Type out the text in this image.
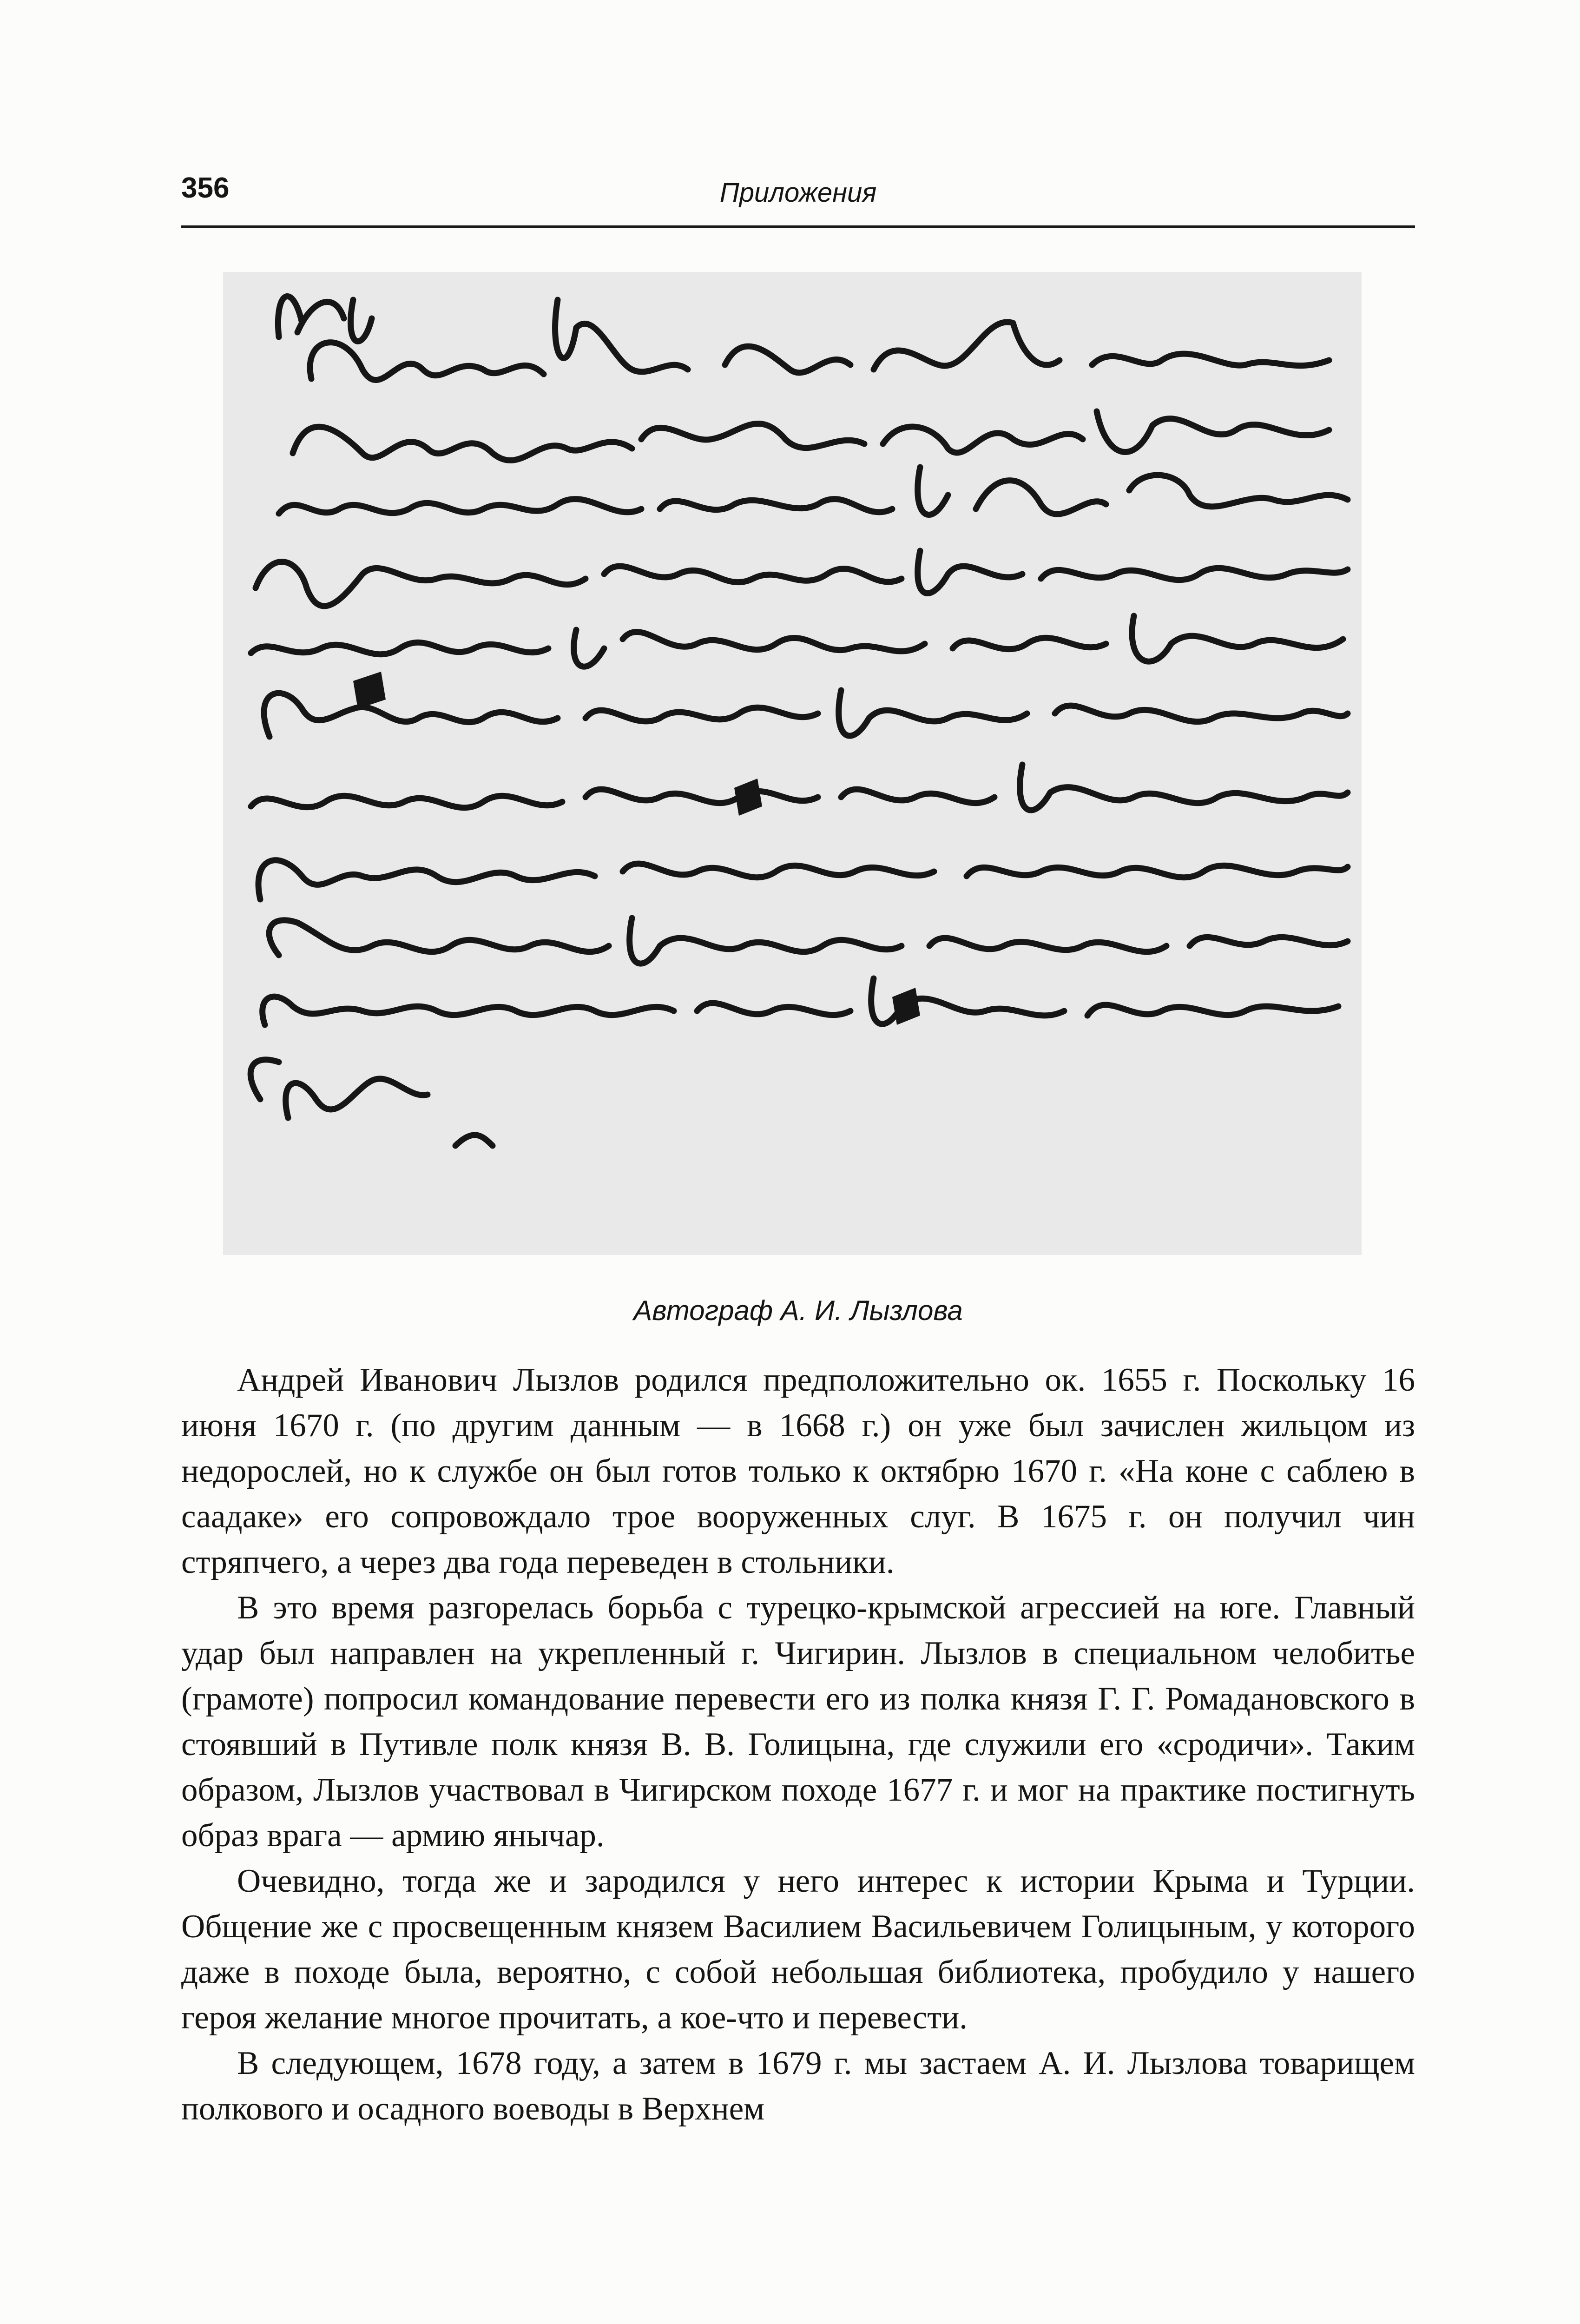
356	Приложения
Автограф А. И. Лызлова

Андрей Иванович Лызлов родился предположительно ок. 1655 г. Поскольку 16 июня 1670 г. (по другим данным — в 1668 г.) он уже был зачислен жильцом из недорослей, но к службе он был готов только к октябрю 1670 г. «На коне с саблею в саадаке» его сопровождало трое вооруженных слуг. В 1675 г. он получил чин стряпчего, а через два года переведен в стольники.

В это время разгорелась борьба с турецко-крымской агрессией на юге. Главный удар был направлен на укрепленный г. Чигирин. Лызлов в специальном челобитье (грамоте) попросил командование перевести его из полка князя Г. Г. Ромадановского в стоявший в Путивле полк князя В. В. Голицына, где служили его «сродичи». Таким образом, Лызлов участвовал в Чигирском походе 1677 г. и мог на практике постигнуть образ врага — армию янычар.

Очевидно, тогда же и зародился у него интерес к истории Крыма и Турции. Общение же с просвещенным князем Василием Васильевичем Голицыным, у которого даже в походе была, вероятно, с собой небольшая библиотека, пробудило у нашего героя желание многое прочитать, а кое-что и перевести.

В следующем, 1678 году, а затем в 1679 г. мы застаем А. И. Лызлова товарищем полкового и осадного воеводы в Верхнем
